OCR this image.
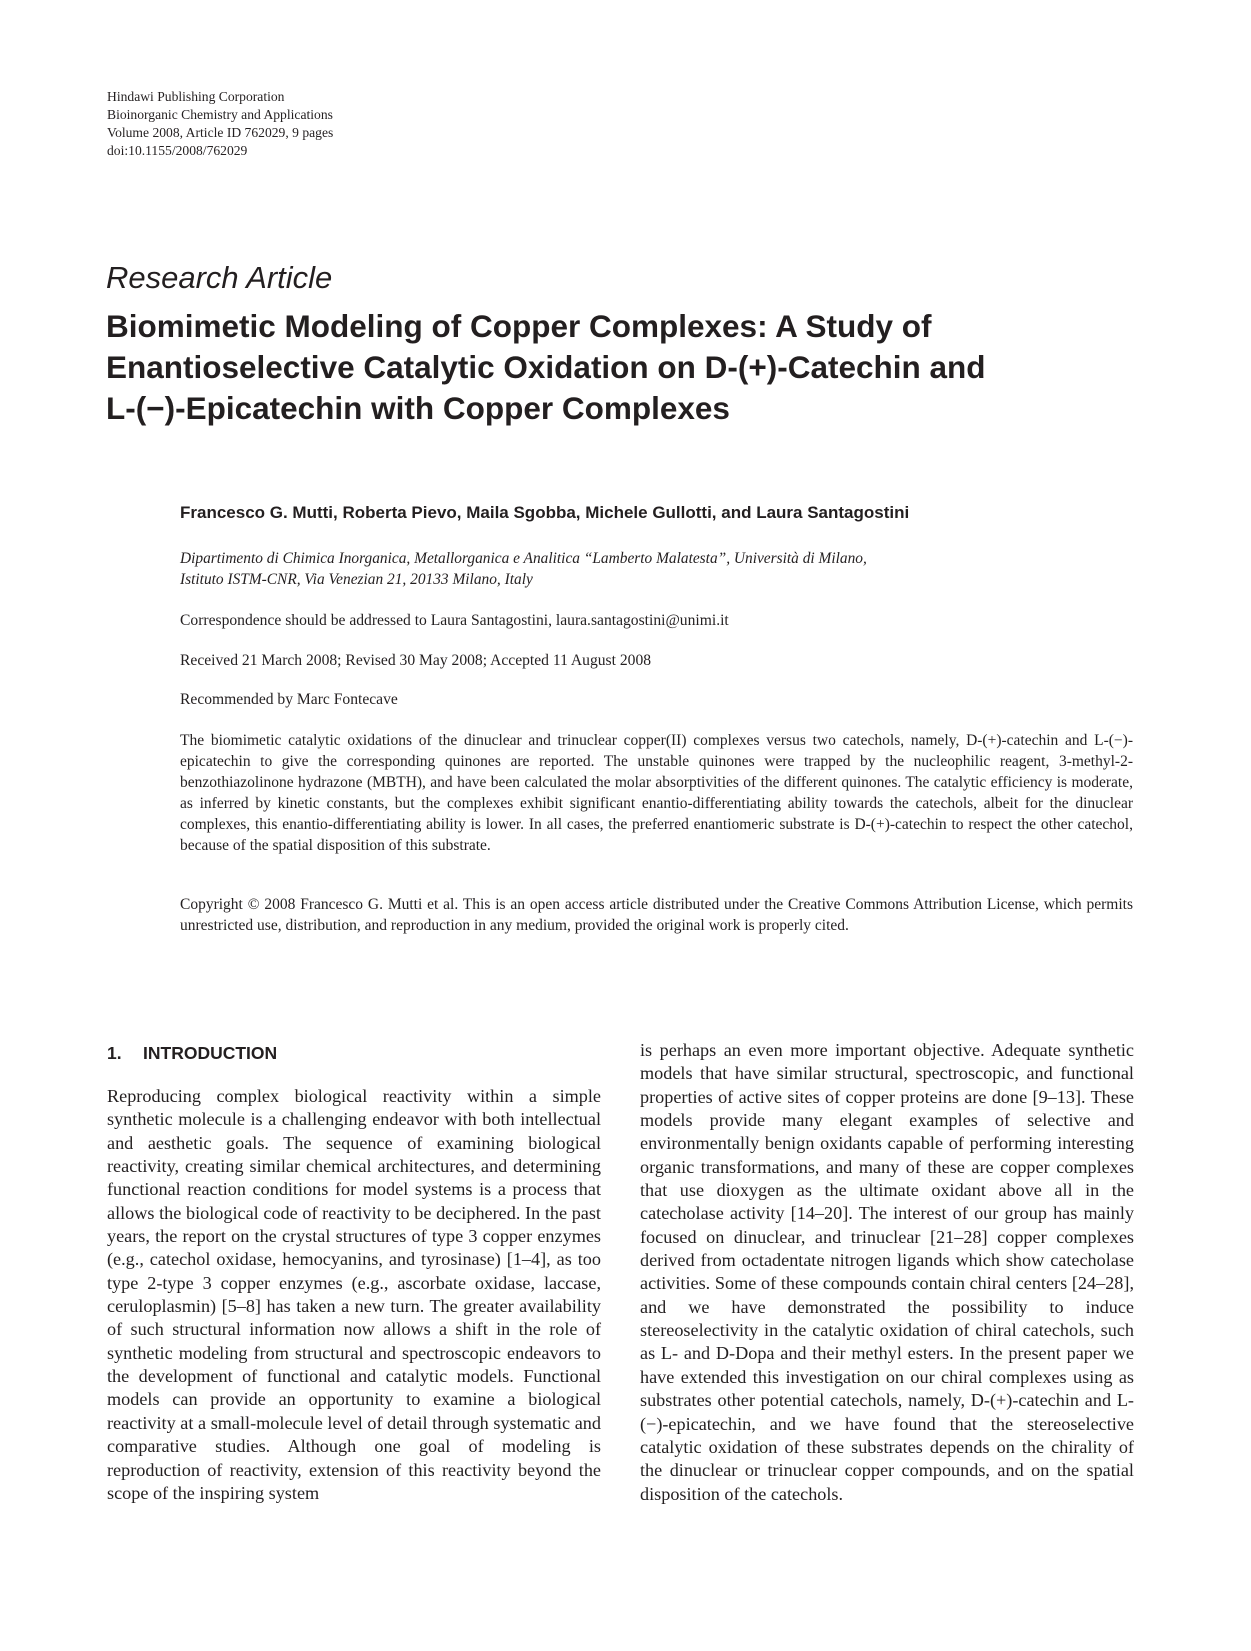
Hindawi Publishing Corporation
Bioinorganic Chemistry and Applications
Volume 2008, Article ID 762029, 9 pages
doi:10.1155/2008/762029
Research Article
Biomimetic Modeling of Copper Complexes: A Study of
Enantioselective Catalytic Oxidation on D-(+)-Catechin and
L-(−)-Epicatechin with Copper Complexes
Francesco G. Mutti, Roberta Pievo, Maila Sgobba, Michele Gullotti, and Laura Santagostini
Dipartimento di Chimica Inorganica, Metallorganica e Analitica “Lamberto Malatesta”, Università di Milano,
Istituto ISTM-CNR, Via Venezian 21, 20133 Milano, Italy
Correspondence should be addressed to Laura Santagostini, laura.santagostini@unimi.it
Received 21 March 2008; Revised 30 May 2008; Accepted 11 August 2008
Recommended by Marc Fontecave
The biomimetic catalytic oxidations of the dinuclear and trinuclear copper(II) complexes versus two catechols, namely, D-(+)-catechin and L-(−)-epicatechin to give the corresponding quinones are reported. The unstable quinones were trapped by the nucleophilic reagent, 3-methyl-2-benzothiazolinone hydrazone (MBTH), and have been calculated the molar absorptivities of the different quinones. The catalytic efficiency is moderate, as inferred by kinetic constants, but the complexes exhibit significant enantio-differentiating ability towards the catechols, albeit for the dinuclear complexes, this enantio-differentiating ability is lower. In all cases, the preferred enantiomeric substrate is D-(+)-catechin to respect the other catechol, because of the spatial disposition of this substrate.
Copyright © 2008 Francesco G. Mutti et al. This is an open access article distributed under the Creative Commons Attribution License, which permits unrestricted use, distribution, and reproduction in any medium, provided the original work is properly cited.
1. INTRODUCTION

Reproducing complex biological reactivity within a simple synthetic molecule is a challenging endeavor with both intellectual and aesthetic goals. The sequence of examining biological reactivity, creating similar chemical architectures, and determining functional reaction conditions for model systems is a process that allows the biological code of reactivity to be deciphered. In the past years, the report on the crystal structures of type 3 copper enzymes (e.g., catechol oxidase, hemocyanins, and tyrosinase) [1–4], as too type 2-type 3 copper enzymes (e.g., ascorbate oxidase, laccase, ceruloplasmin) [5–8] has taken a new turn. The greater availability of such structural information now allows a shift in the role of synthetic modeling from structural and spectroscopic endeavors to the development of functional and catalytic models. Functional models can provide an opportunity to examine a biological reactivity at a small-molecule level of detail through systematic and comparative studies. Although one goal of modeling is reproduction of reactivity, extension of this reactivity beyond the scope of the inspiring system

is perhaps an even more important objective. Adequate synthetic models that have similar structural, spectroscopic, and functional properties of active sites of copper proteins are done [9–13]. These models provide many elegant examples of selective and environmentally benign oxidants capable of performing interesting organic transformations, and many of these are copper complexes that use dioxygen as the ultimate oxidant above all in the catecholase activity [14–20]. The interest of our group has mainly focused on dinuclear, and trinuclear [21–28] copper complexes derived from octadentate nitrogen ligands which show catecholase activities. Some of these compounds contain chiral centers [24–28], and we have demonstrated the possibility to induce stereoselectivity in the catalytic oxidation of chiral catechols, such as L- and D-Dopa and their methyl esters. In the present paper we have extended this investigation on our chiral complexes using as substrates other potential catechols, namely, D-(+)-catechin and L-(−)-epicatechin, and we have found that the stereoselective catalytic oxidation of these substrates depends on the chirality of the dinuclear or trinuclear copper compounds, and on the spatial disposition of the catechols.
